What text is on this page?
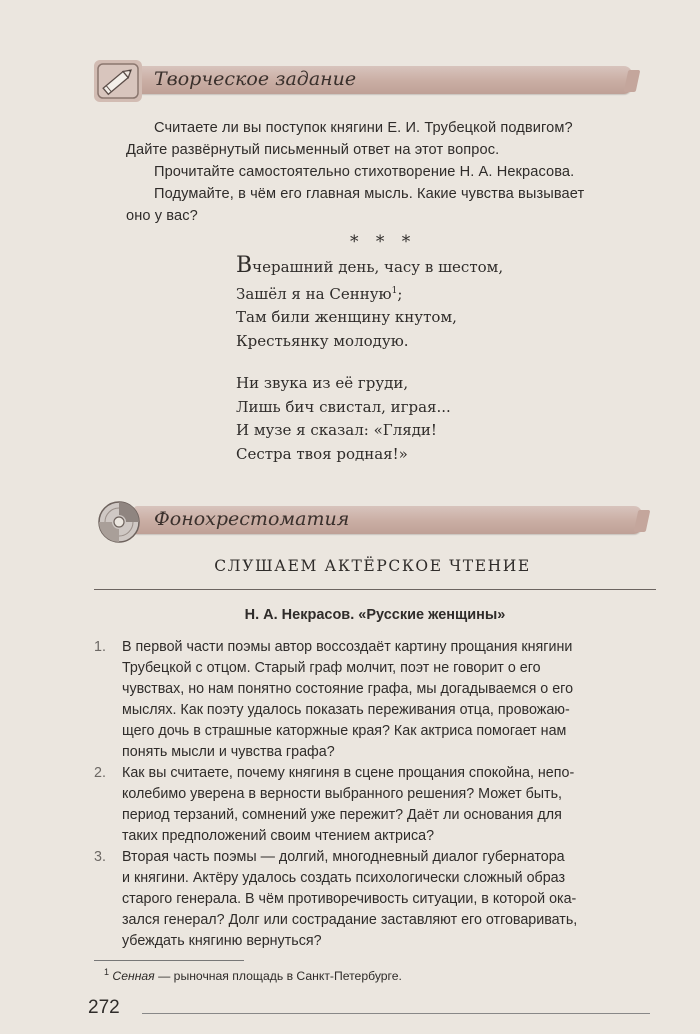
Творческое задание
Считаете ли вы поступок княгини Е. И. Трубецкой подвигом?
Дайте развёрнутый письменный ответ на этот вопрос.
Прочитайте самостоятельно стихотворение Н. А. Некрасова.
Подумайте, в чём его главная мысль. Какие чувства вызывает
оно у вас?
* * *
Вчерашний день, часу в шестом,
Зашёл я на Сенную$^1$;
Там били женщину кнутом,
Крестьянку молодую.
Ни звука из её груди,
Лишь бич свистал, играя...
И музе я сказал: «Гляди!
Сестра твоя родная!»
Фонохрестоматия
СЛУШАЕМ АКТЁРСКОЕ ЧТЕНИЕ
Н. А. Некрасов. «Русские женщины»
1. В первой части поэмы автор воссоздаёт картину прощания княгини
Трубецкой с отцом. Старый граф молчит, поэт не говорит о его
чувствах, но нам понятно состояние графа, мы догадываемся о его
мыслях. Как поэту удалось показать переживания отца, провожаю-
щего дочь в страшные каторжные края? Как актриса помогает нам
понять мысли и чувства графа?
2. Как вы считаете, почему княгиня в сцене прощания спокойна, непо-
колебимо уверена в верности выбранного решения? Может быть,
период терзаний, сомнений уже пережит? Даёт ли основания для
таких предположений своим чтением актриса?
3. Вторая часть поэмы — долгий, многодневный диалог губернатора
и княгини. Актёру удалось создать психологически сложный образ
старого генерала. В чём противоречивость ситуации, в которой ока-
зался генерал? Долг или сострадание заставляют его отговаривать,
убеждать княгиню вернуться?
$^1$ Сенная — рыночная площадь в Санкт-Петербурге.
272
